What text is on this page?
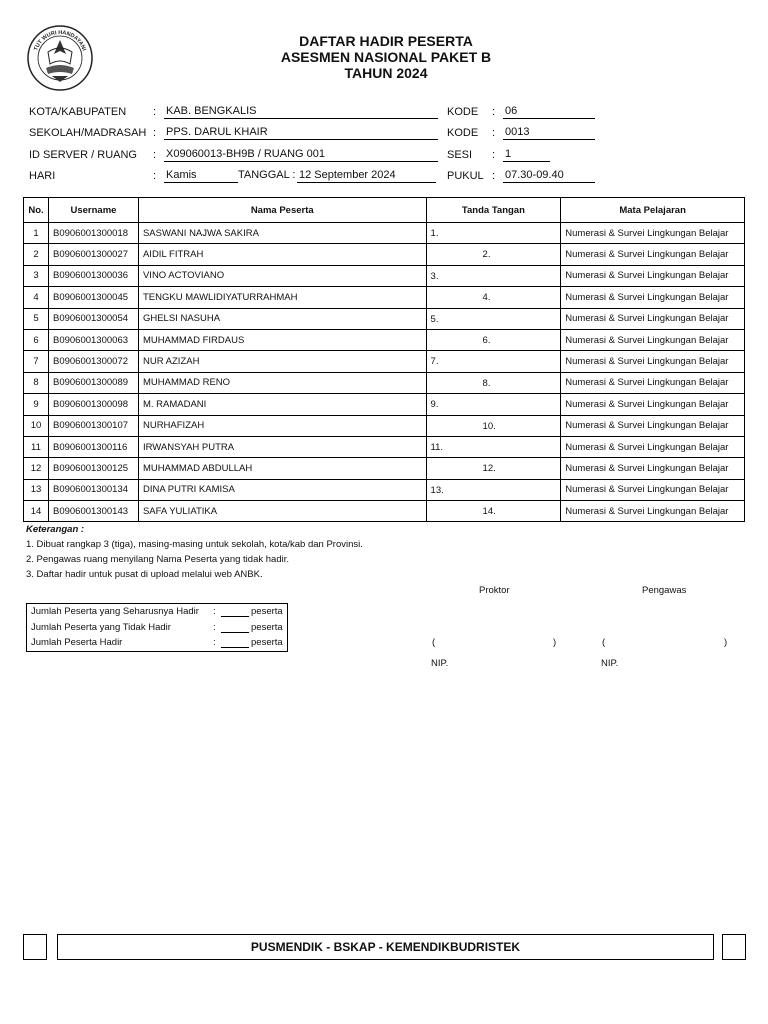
TUT WURI HANDAYANI
DAFTAR HADIR PESERTA
ASESMEN NASIONAL PAKET B
TAHUN 2024
KOTA/KABUPATEN : KAB. BENGKALIS
SEKOLAH/MADRASAH : PPS. DARUL KHAIR
ID SERVER / RUANG : X09060013-BH9B / RUANG 001
HARI	: Kamis	TANGGAL : 12 September 2024
KODE : 06
KODE : 0013
SESI : 1
PUKUL : 07.30-09.40
No.	Username	Nama Peserta	Tanda Tangan	Mata Pelajaran
1	B0906001300018	SASWANI NAJWA SAKIRA	1.	Numerasi & Survei Lingkungan Belajar
2	B0906001300027	AIDIL FITRAH	2.	Numerasi & Survei Lingkungan Belajar
3	B0906001300036	VINO ACTOVIANO	3.	Numerasi & Survei Lingkungan Belajar
4	B0906001300045	TENGKU MAWLIDIYATURRAHMAH	4.	Numerasi & Survei Lingkungan Belajar
5	B0906001300054	GHELSI NASUHA	5.	Numerasi & Survei Lingkungan Belajar
6	B0906001300063	MUHAMMAD FIRDAUS	6.	Numerasi & Survei Lingkungan Belajar
7	B0906001300072	NUR AZIZAH	7.	Numerasi & Survei Lingkungan Belajar
8	B0906001300089	MUHAMMAD RENO	8.	Numerasi & Survei Lingkungan Belajar
9	B0906001300098	M. RAMADANI	9.	Numerasi & Survei Lingkungan Belajar
10	B0906001300107	NURHAFIZAH	10.	Numerasi & Survei Lingkungan Belajar
11	B0906001300116	IRWANSYAH PUTRA	11.	Numerasi & Survei Lingkungan Belajar
12	B0906001300125	MUHAMMAD ABDULLAH	12.	Numerasi & Survei Lingkungan Belajar
13	B0906001300134	DINA PUTRI KAMISA	13.	Numerasi & Survei Lingkungan Belajar
14	B0906001300143	SAFA YULIATIKA	14.	Numerasi & Survei Lingkungan Belajar
Keterangan :
1. Dibuat rangkap 3 (tiga), masing-masing untuk sekolah, kota/kab dan Provinsi.
2. Pengawas ruang menyilang Nama Peserta yang tidak hadir.
3. Daftar hadir untuk pusat di upload melalui web ANBK.
Proktor	Pengawas
(	)	(	)
NIP.	NIP.
Jumlah Peserta yang Seharusnya Hadir :	peserta
Jumlah Peserta yang Tidak Hadir	:	peserta
Jumlah Peserta Hadir	:	peserta
PUSMENDIK - BSKAP - KEMENDIKBUDRISTEK
